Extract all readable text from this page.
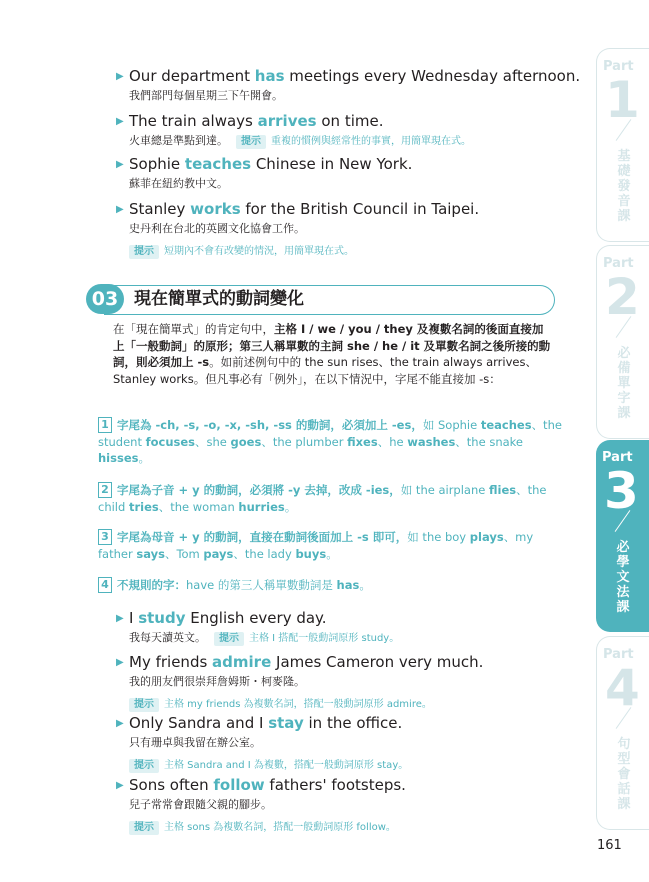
▶ Our department has meetings every Wednesday afternoon.
我們部門每個星期三下午開會。
▶ The train always arrives on time.
火車總是準點到達。 提示 重複的慣例與經常性的事實，用簡單現在式。
▶ Sophie teaches Chinese in New York.
蘇菲在紐約教中文。
▶ Stanley works for the British Council in Taipei.
史丹利在台北的英國文化協會工作。
提示 短期內不會有改變的情況，用簡單現在式。
03 現在簡單式的動詞變化
在「現在簡單式」的肯定句中，主格 I / we / you / they 及複數名詞的後面直接加上「一般動詞」的原形；第三人稱單數的主詞 she / he / it 及單數名詞之後所接的動詞，則必須加上 -s。如前述例句中的 the sun rises、the train always arrives、Stanley works。但凡事必有「例外」，在以下情況中，字尾不能直接加 -s：
1 字尾為 -ch, -s, -o, -x, -sh, -ss 的動詞，必須加上 -es，如 Sophie teaches、the student focuses、she goes、the plumber fixes、he washes、the snake hisses。
2 字尾為子音 + y 的動詞，必須將 -y 去掉，改成 -ies，如 the airplane flies、the child tries、the woman hurries。
3 字尾為母音 + y 的動詞，直接在動詞後面加上 -s 即可，如 the boy plays、my father says、Tom pays、the lady buys。
4 不規則的字：have 的第三人稱單數動詞是 has。
▶ I study English every day.
我每天讀英文。 提示 主格 I 搭配一般動詞原形 study。
▶ My friends admire James Cameron very much.
我的朋友們很崇拜詹姆斯・柯麥隆。
提示 主格 my friends 為複數名詞，搭配一般動詞原形 admire。
▶ Only Sandra and I stay in the office.
只有珊卓與我留在辦公室。
提示 主格 Sandra and I 為複數，搭配一般動詞原形 stay。
▶ Sons often follow fathers' footsteps.
兒子常常會跟隨父親的腳步。
提示 主格 sons 為複數名詞，搭配一般動詞原形 follow。
Part
1
基礎發音課
Part
2
必備單字課
Part
3
必學文法課
Part
4
句型會話課
161
